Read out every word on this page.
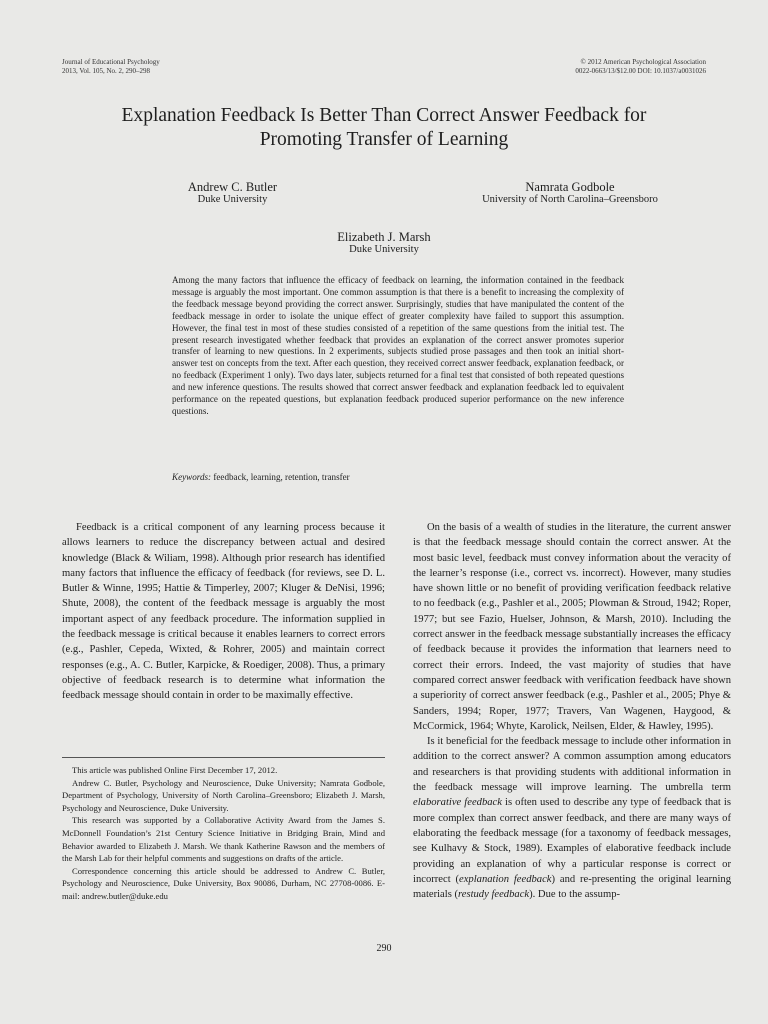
Journal of Educational Psychology
2013, Vol. 105, No. 2, 290–298
© 2012 American Psychological Association
0022-0663/13/$12.00 DOI: 10.1037/a0031026
Explanation Feedback Is Better Than Correct Answer Feedback for
Promoting Transfer of Learning
Andrew C. Butler
Duke University
Namrata Godbole
University of North Carolina–Greensboro
Elizabeth J. Marsh
Duke University

Among the many factors that influence the efficacy of feedback on learning, the information contained in the feedback message is arguably the most important. One common assumption is that there is a benefit to increasing the complexity of the feedback message beyond providing the correct answer. Surprisingly, studies that have manipulated the content of the feedback message in order to isolate the unique effect of greater complexity have failed to support this assumption. However, the final test in most of these studies consisted of a repetition of the same questions from the initial test. The present research investigated whether feedback that provides an explanation of the correct answer promotes superior transfer of learning to new questions. In 2 experiments, subjects studied prose passages and then took an initial short-answer test on concepts from the text. After each question, they received correct answer feedback, explanation feedback, or no feedback (Experiment 1 only). Two days later, subjects returned for a final test that consisted of both repeated questions and new inference questions. The results showed that correct answer feedback and explanation feedback led to equivalent performance on the repeated questions, but explanation feedback produced superior performance on the new inference questions.

Keywords: feedback, learning, retention, transfer

Feedback is a critical component of any learning process because it allows learners to reduce the discrepancy between actual and desired knowledge (Black & Wiliam, 1998). Although prior research has identified many factors that influence the efficacy of feedback (for reviews, see D. L. Butler & Winne, 1995; Hattie & Timperley, 2007; Kluger & DeNisi, 1996; Shute, 2008), the content of the feedback message is arguably the most important aspect of any feedback procedure. The information supplied in the feedback message is critical because it enables learners to correct errors (e.g., Pashler, Cepeda, Wixted, & Rohrer, 2005) and maintain correct responses (e.g., A. C. Butler, Karpicke, & Roediger, 2008). Thus, a primary objective of feedback research is to determine what information the feedback message should contain in order to be maximally effective.

This article was published Online First December 17, 2012.

Andrew C. Butler, Psychology and Neuroscience, Duke University; Namrata Godbole, Department of Psychology, University of North Carolina–Greensboro; Elizabeth J. Marsh, Psychology and Neuroscience, Duke University.

This research was supported by a Collaborative Activity Award from the James S. McDonnell Foundation’s 21st Century Science Initiative in Bridging Brain, Mind and Behavior awarded to Elizabeth J. Marsh. We thank Katherine Rawson and the members of the Marsh Lab for their helpful comments and suggestions on drafts of the article.

Correspondence concerning this article should be addressed to Andrew C. Butler, Psychology and Neuroscience, Duke University, Box 90086, Durham, NC 27708-0086. E-mail: andrew.butler@duke.edu

On the basis of a wealth of studies in the literature, the current answer is that the feedback message should contain the correct answer. At the most basic level, feedback must convey information about the veracity of the learner’s response (i.e., correct vs. incorrect). However, many studies have shown little or no benefit of providing verification feedback relative to no feedback (e.g., Pashler et al., 2005; Plowman & Stroud, 1942; Roper, 1977; but see Fazio, Huelser, Johnson, & Marsh, 2010). Including the correct answer in the feedback message substantially increases the efficacy of feedback because it provides the information that learners need to correct their errors. Indeed, the vast majority of studies that have compared correct answer feedback with verification feedback have shown a superiority of correct answer feedback (e.g., Pashler et al., 2005; Phye & Sanders, 1994; Roper, 1977; Travers, Van Wagenen, Haygood, & McCormick, 1964; Whyte, Karolick, Neilsen, Elder, & Hawley, 1995).

Is it beneficial for the feedback message to include other information in addition to the correct answer? A common assumption among educators and researchers is that providing students with additional information in the feedback message will improve learning. The umbrella term elaborative feedback is often used to describe any type of feedback that is more complex than correct answer feedback, and there are many ways of elaborating the feedback message (for a taxonomy of feedback messages, see Kulhavy & Stock, 1989). Examples of elaborative feedback include providing an explanation of why a particular response is correct or incorrect (explanation feedback) and re-presenting the original learning materials (restudy feedback). Due to the assump-

290
